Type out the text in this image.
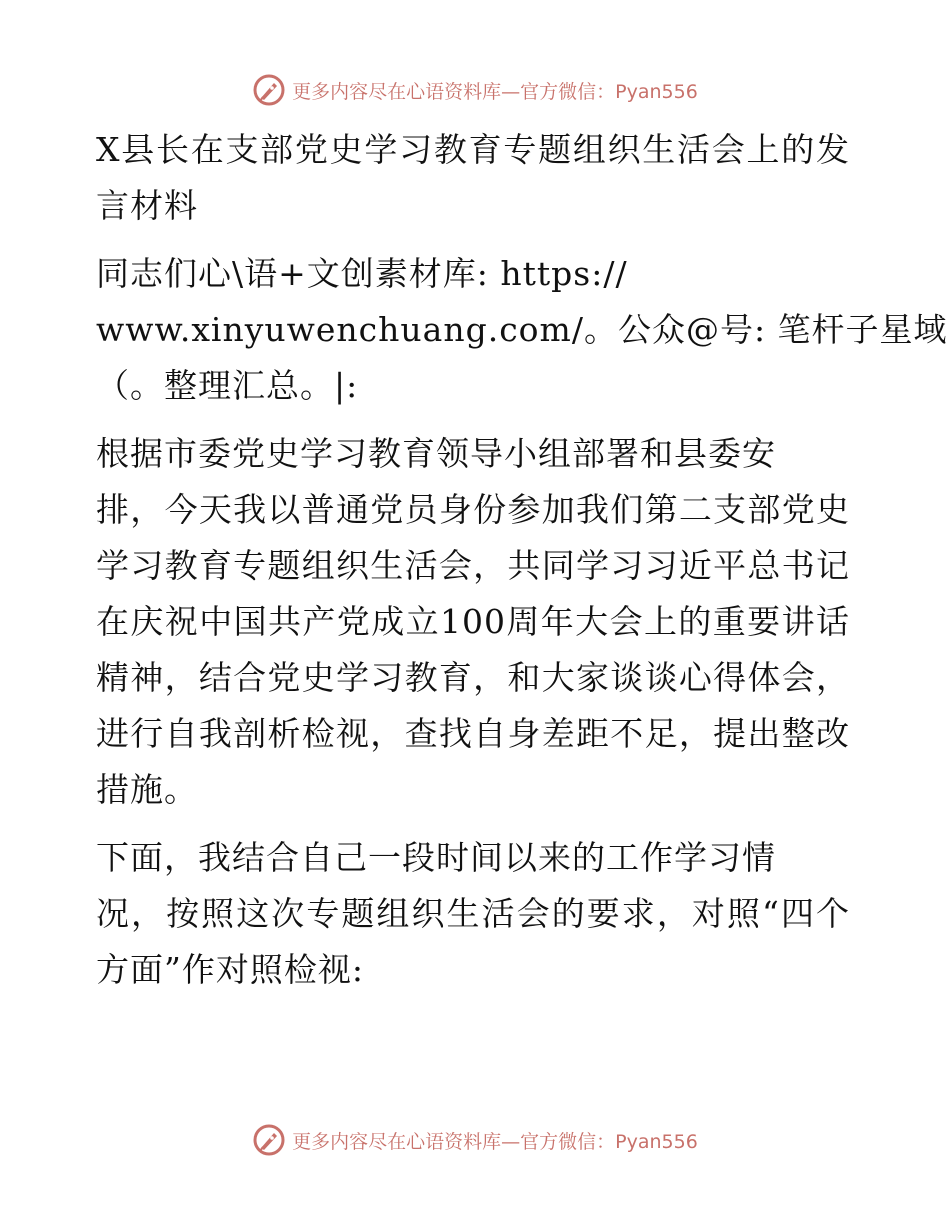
更多内容尽在心语资料库—官方微信：Pyan556
X县长在支部党史学习教育专题组织生活会上的发
言材料
同志们心\语+文创素材库: https://
www.xinyuwenchuang.com/。公众@号: 笔杆子星域
（。整理汇总。|:
根据市委党史学习教育领导小组部署和县委安
排，今天我以普通党员身份参加我们第二支部党史
学习教育专题组织生活会，共同学习习近平总书记
在庆祝中国共产党成立100周年大会上的重要讲话
精神，结合党史学习教育，和大家谈谈心得体会，
进行自我剖析检视，查找自身差距不足，提出整改
措施。
下面，我结合自己一段时间以来的工作学习情
况，按照这次专题组织生活会的要求，对照“四个
方面”作对照检视:
更多内容尽在心语资料库—官方微信：Pyan556
